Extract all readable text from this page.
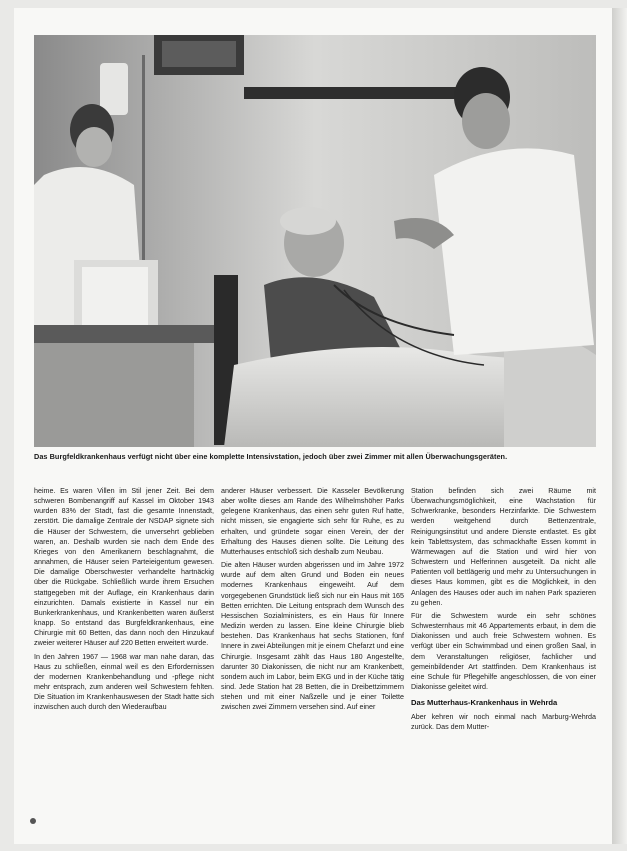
Das Burgfeldkrankenhaus verfügt nicht über eine komplette Intensivstation, jedoch über zwei Zimmer mit allen Überwachungsgeräten.

heime. Es waren Villen im Stil jener Zeit. Bei dem schweren Bombenangriff auf Kassel im Oktober 1943 wurden 83% der Stadt, fast die gesamte Innenstadt, zerstört. Die damalige Zentrale der NSDAP signete sich die Häuser der Schwestern, die unversehrt geblieben waren, an. Deshalb wurden sie nach dem Ende des Krieges von den Amerikanern beschlagnahmt, die annahmen, die Häuser seien Parteieigentum gewesen. Die damalige Oberschwester verhandelte hartnäckig über die Rückgabe. Schließlich wurde ihrem Ersuchen stattgegeben mit der Auflage, ein Krankenhaus darin einzurichten. Damals existierte in Kassel nur ein Bunkerkrankenhaus, und Krankenbetten waren äußerst knapp. So entstand das Burgfeldkrankenhaus, eine Chirurgie mit 60 Betten, das dann noch den Hinzukauf zweier weiterer Häuser auf 220 Betten erweitert wurde.

In den Jahren 1967 — 1968 war man nahe daran, das Haus zu schließen, einmal weil es den Erfordernissen der modernen Krankenbehandlung und -pflege nicht mehr entsprach, zum anderen weil Schwestern fehlten. Die Situation im Krankenhauswesen der Stadt hatte sich inzwischen auch durch den Wiederaufbau

anderer Häuser verbessert. Die Kasseler Bevölkerung aber wollte dieses am Rande des Wilhelmshöher Parks gelegene Krankenhaus, das einen sehr guten Ruf hatte, nicht missen, sie engagierte sich sehr für Ruhe, es zu erhalten, und gründete sogar einen Verein, der der Erhaltung des Hauses dienen sollte. Die Leitung des Mutterhauses entschloß sich deshalb zum Neubau.

Die alten Häuser wurden abgerissen und im Jahre 1972 wurde auf dem alten Grund und Boden ein neues modernes Krankenhaus eingeweiht. Auf dem vorgegebenen Grundstück ließ sich nur ein Haus mit 165 Betten errichten. Die Leitung entsprach dem Wunsch des Hessischen Sozialministers, es ein Haus für Innere Medizin werden zu lassen. Eine kleine Chirurgie blieb bestehen. Das Krankenhaus hat sechs Stationen, fünf Innere in zwei Abteilungen mit je einem Chefarzt und eine Chirurgie. Insgesamt zählt das Haus 180 Angestellte, darunter 30 Diakonissen, die nicht nur am Krankenbett, sondern auch im Labor, beim EKG und in der Küche tätig sind. Jede Station hat 28 Betten, die in Dreibettzimmern stehen und mit einer Naßzelle und je einer Toilette zwischen zwei Zimmern versehen sind. Auf einer

Station befinden sich zwei Räume mit Überwachungsmöglichkeit, eine Wachstation für Schwerkranke, besonders Herzinfarkte. Die Schwestern werden weitgehend durch Bettenzentrale, Reinigungsinstitut und andere Dienste entlastet. Es gibt kein Tablettsystem, das schmackhafte Essen kommt in Wärmewagen auf die Station und wird hier von Schwestern und Helferinnen ausgeteilt. Da nicht alle Patienten voll bettlägerig und mehr zu Untersuchungen in dieses Haus kommen, gibt es die Möglichkeit, in den Anlagen des Hauses oder auch im nahen Park spazieren zu gehen.

Für die Schwestern wurde ein sehr schönes Schwesternhaus mit 46 Appartements erbaut, in dem die Diakonissen und auch freie Schwestern wohnen. Es verfügt über ein Schwimmbad und einen großen Saal, in dem Veranstaltungen religiöser, fachlicher und gemeinbildender Art stattfinden. Dem Krankenhaus ist eine Schule für Pflegehilfe angeschlossen, die von einer Diakonisse geleitet wird.

Das Mutterhaus-Krankenhaus in Wehrda

Aber kehren wir noch einmal nach Marburg-Wehrda zurück. Das dem Mutter-
